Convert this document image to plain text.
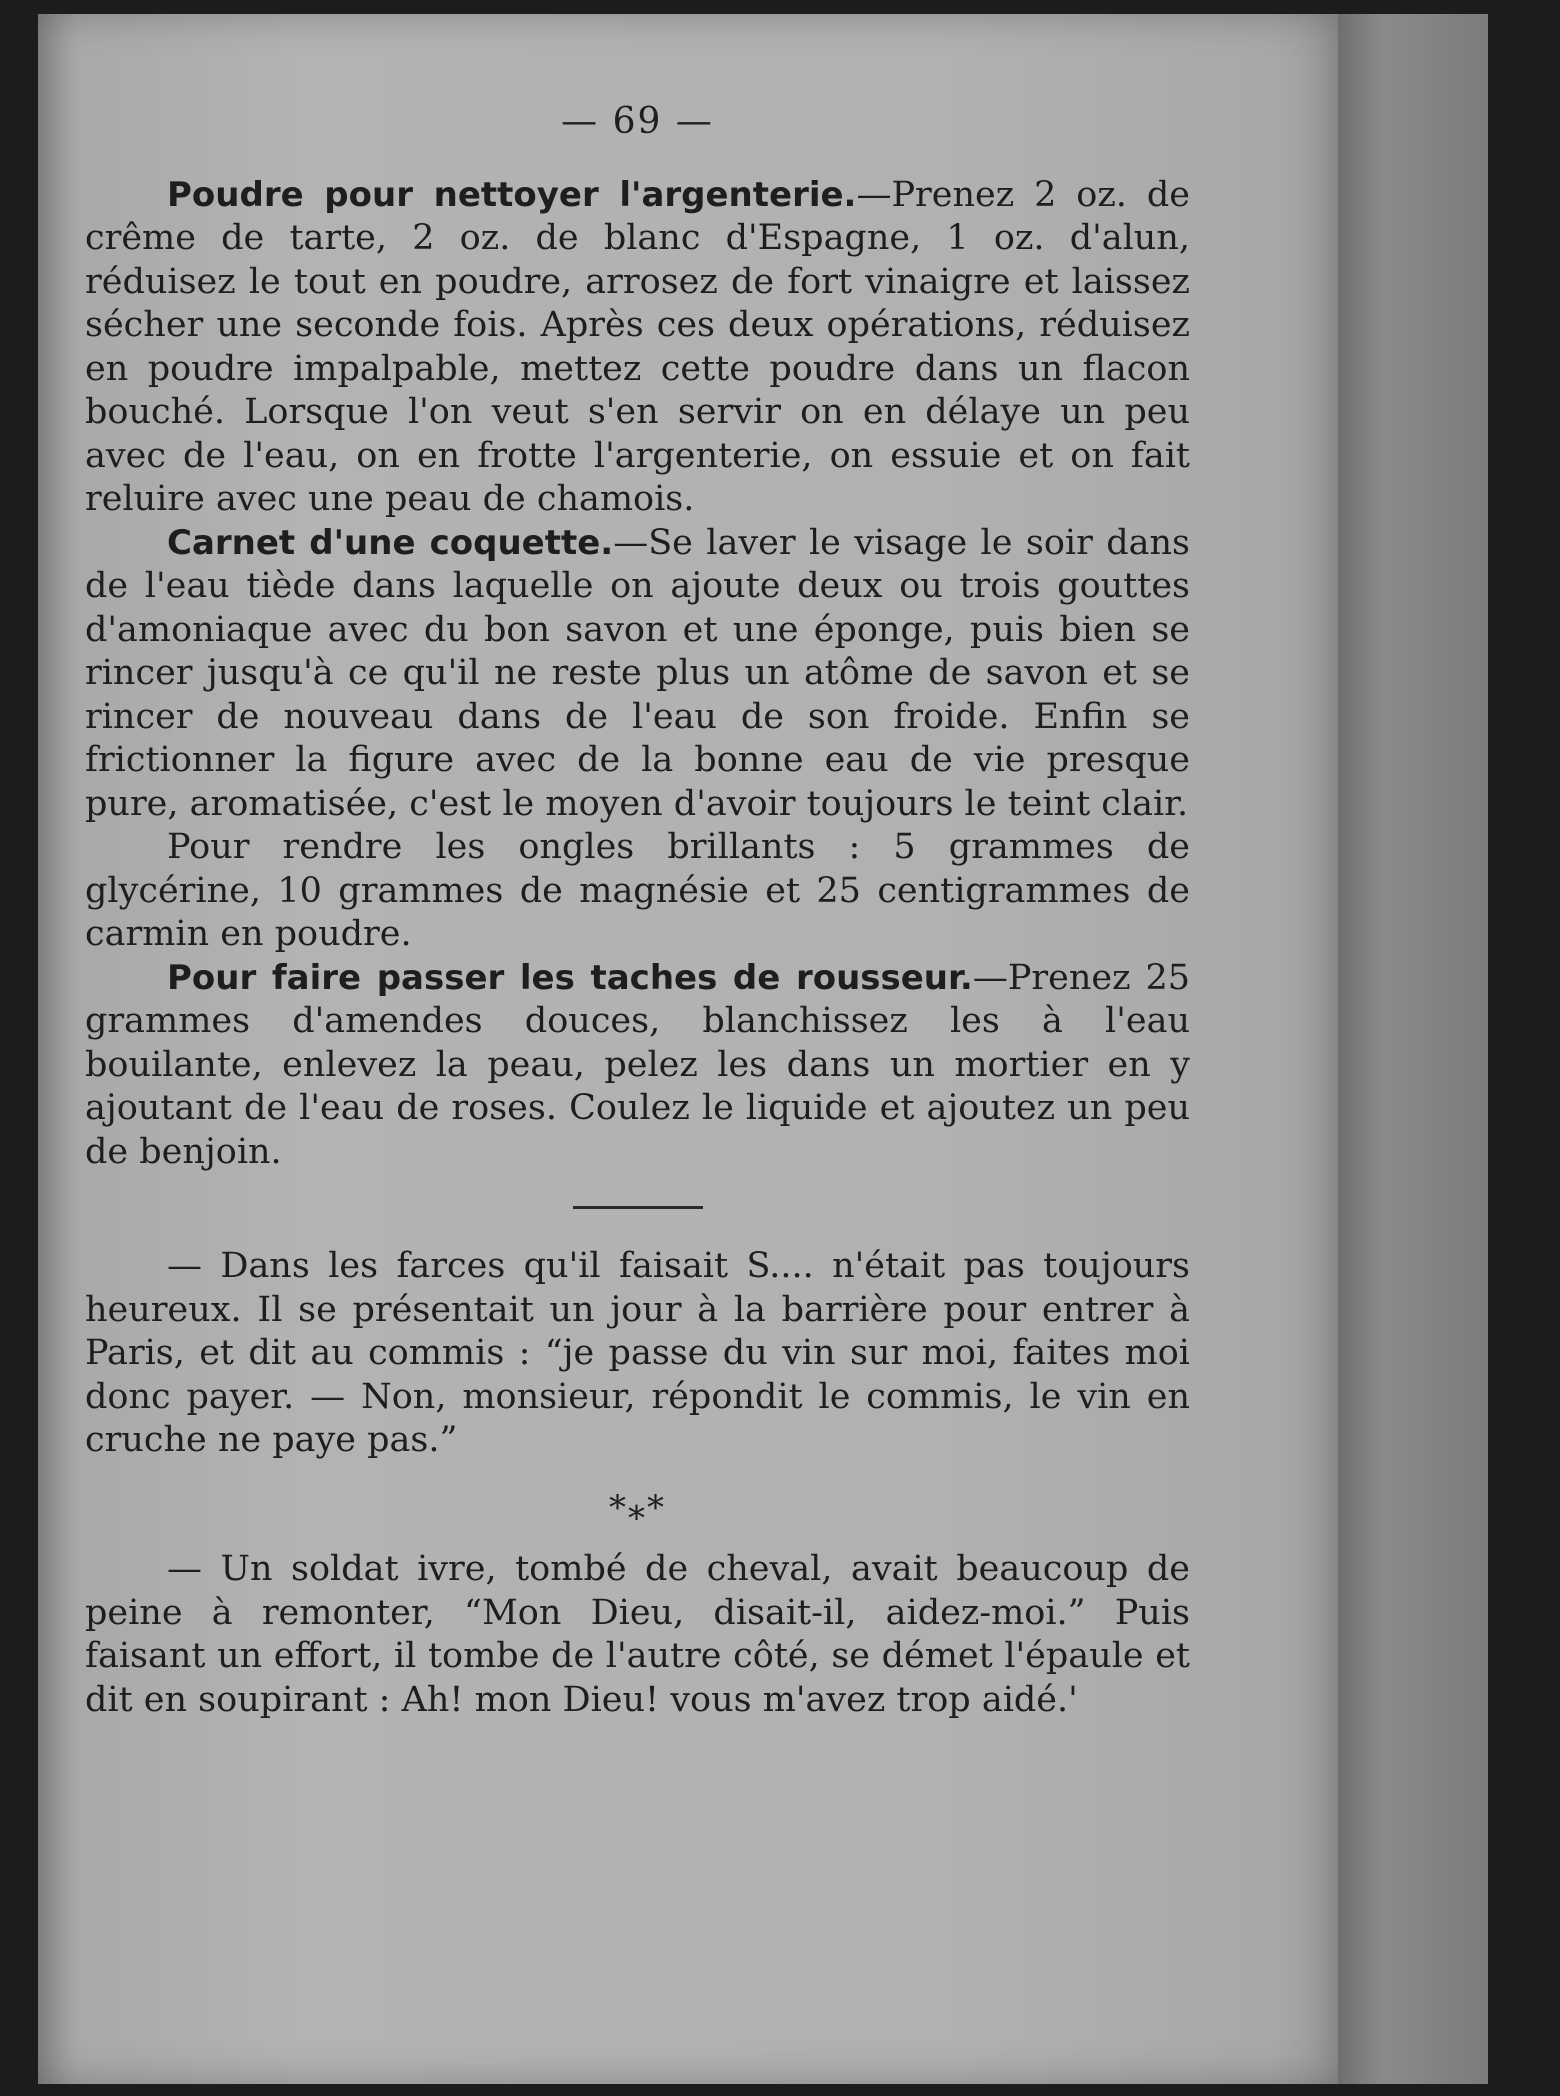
— 69 —

Poudre pour nettoyer l'argenterie.—Prenez 2 oz. de crême de tarte, 2 oz. de blanc d'Espagne, 1 oz. d'alun, réduisez le tout en poudre, arrosez de fort vinaigre et laissez sécher une seconde fois. Après ces deux opérations, réduisez en poudre impalpable, mettez cette poudre dans un flacon bouché. Lorsque l'on veut s'en servir on en délaye un peu avec de l'eau, on en frotte l'argenterie, on essuie et on fait reluire avec une peau de chamois.

Carnet d'une coquette.—Se laver le visage le soir dans de l'eau tiède dans laquelle on ajoute deux ou trois gouttes d'amoniaque avec du bon savon et une éponge, puis bien se rincer jusqu'à ce qu'il ne reste plus un atôme de savon et se rincer de nouveau dans de l'eau de son froide. Enfin se frictionner la figure avec de la bonne eau de vie presque pure, aromatisée, c'est le moyen d'avoir toujours le teint clair.

Pour rendre les ongles brillants : 5 grammes de glycérine, 10 grammes de magnésie et 25 centigrammes de carmin en poudre.

Pour faire passer les taches de rousseur.—Prenez 25 grammes d'amendes douces, blanchissez les à l'eau bouilante, enlevez la peau, pelez les dans un mortier en y ajoutant de l'eau de roses. Coulez le liquide et ajoutez un peu de benjoin.

— Dans les farces qu'il faisait S.... n'était pas toujours heureux. Il se présentait un jour à la barrière pour entrer à Paris, et dit au commis : “je passe du vin sur moi, faites moi donc payer. — Non, monsieur, répondit le commis, le vin en cruche ne paye pas.”

*⁎*

— Un soldat ivre, tombé de cheval, avait beaucoup de peine à remonter, “Mon Dieu, disait-il, aidez-moi.” Puis faisant un effort, il tombe de l'autre côté, se démet l'épaule et dit en soupirant : Ah! mon Dieu! vous m'avez trop aidé.'
